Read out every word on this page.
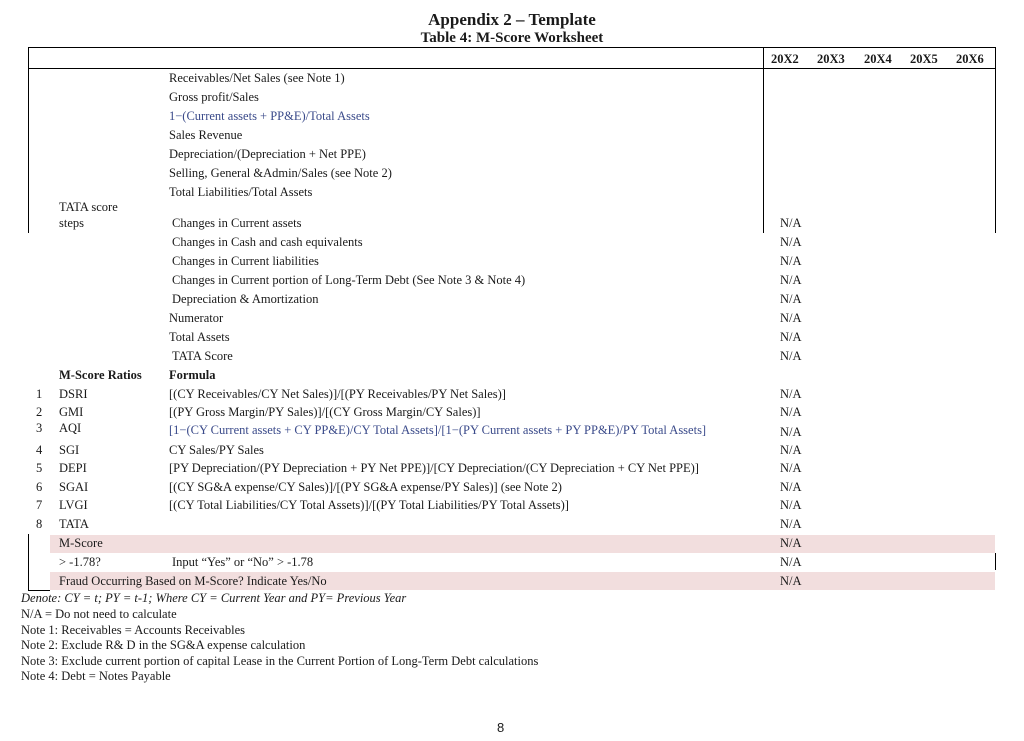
Appendix 2 – Template
Table 4: M-Score Worksheet
20X2 20X3 20X4 20X5 20X6
Receivables/Net Sales (see Note 1)
Gross profit/Sales
1−(Current assets + PP&E)/Total Assets
Sales Revenue
Depreciation/(Depreciation + Net PPE)
Selling, General &Admin/Sales (see Note 2)
Total Liabilities/Total Assets
TATA score
steps	Changes in Current assets	N/A
Changes in Cash and cash equivalents	N/A
Changes in Current liabilities	N/A
Changes in Current portion of Long-Term Debt (See Note 3 & Note 4)	N/A
Depreciation & Amortization	N/A
Numerator	N/A
Total Assets	N/A
TATA Score	N/A
M-Score Ratios Formula
1 DSRI	[(CY Receivables/CY Net Sales)]/[(PY Receivables/PY Net Sales)]	N/A
2 GMI	[(PY Gross Margin/PY Sales)]/[(CY Gross Margin/CY Sales)]	N/A
3 AQI	[1−(CY Current assets + CY PP&E)/CY Total Assets]/[1−(PY Current assets + PY PP&E)/PY Total Assets]	N/A
4 SGI	CY Sales/PY Sales	N/A
5 DEPI	[PY Depreciation/(PY Depreciation + PY Net PPE)]/[CY Depreciation/(CY Depreciation + CY Net PPE)]	N/A
6 SGAI	[(CY SG&A expense/CY Sales)]/[(PY SG&A expense/PY Sales)] (see Note 2)	N/A
7 LVGI	[(CY Total Liabilities/CY Total Assets)]/[(PY Total Liabilities/PY Total Assets)]	N/A
8 TATA	N/A
M-Score	N/A
> -1.78?	Input “Yes” or “No” > -1.78	N/A
Fraud Occurring Based on M-Score? Indicate Yes/No	N/A
Denote: CY = t; PY = t-1; Where CY = Current Year and PY= Previous Year
N/A = Do not need to calculate
Note 1: Receivables = Accounts Receivables
Note 2: Exclude R& D in the SG&A expense calculation
Note 3: Exclude current portion of capital Lease in the Current Portion of Long-Term Debt calculations
Note 4: Debt = Notes Payable
8
